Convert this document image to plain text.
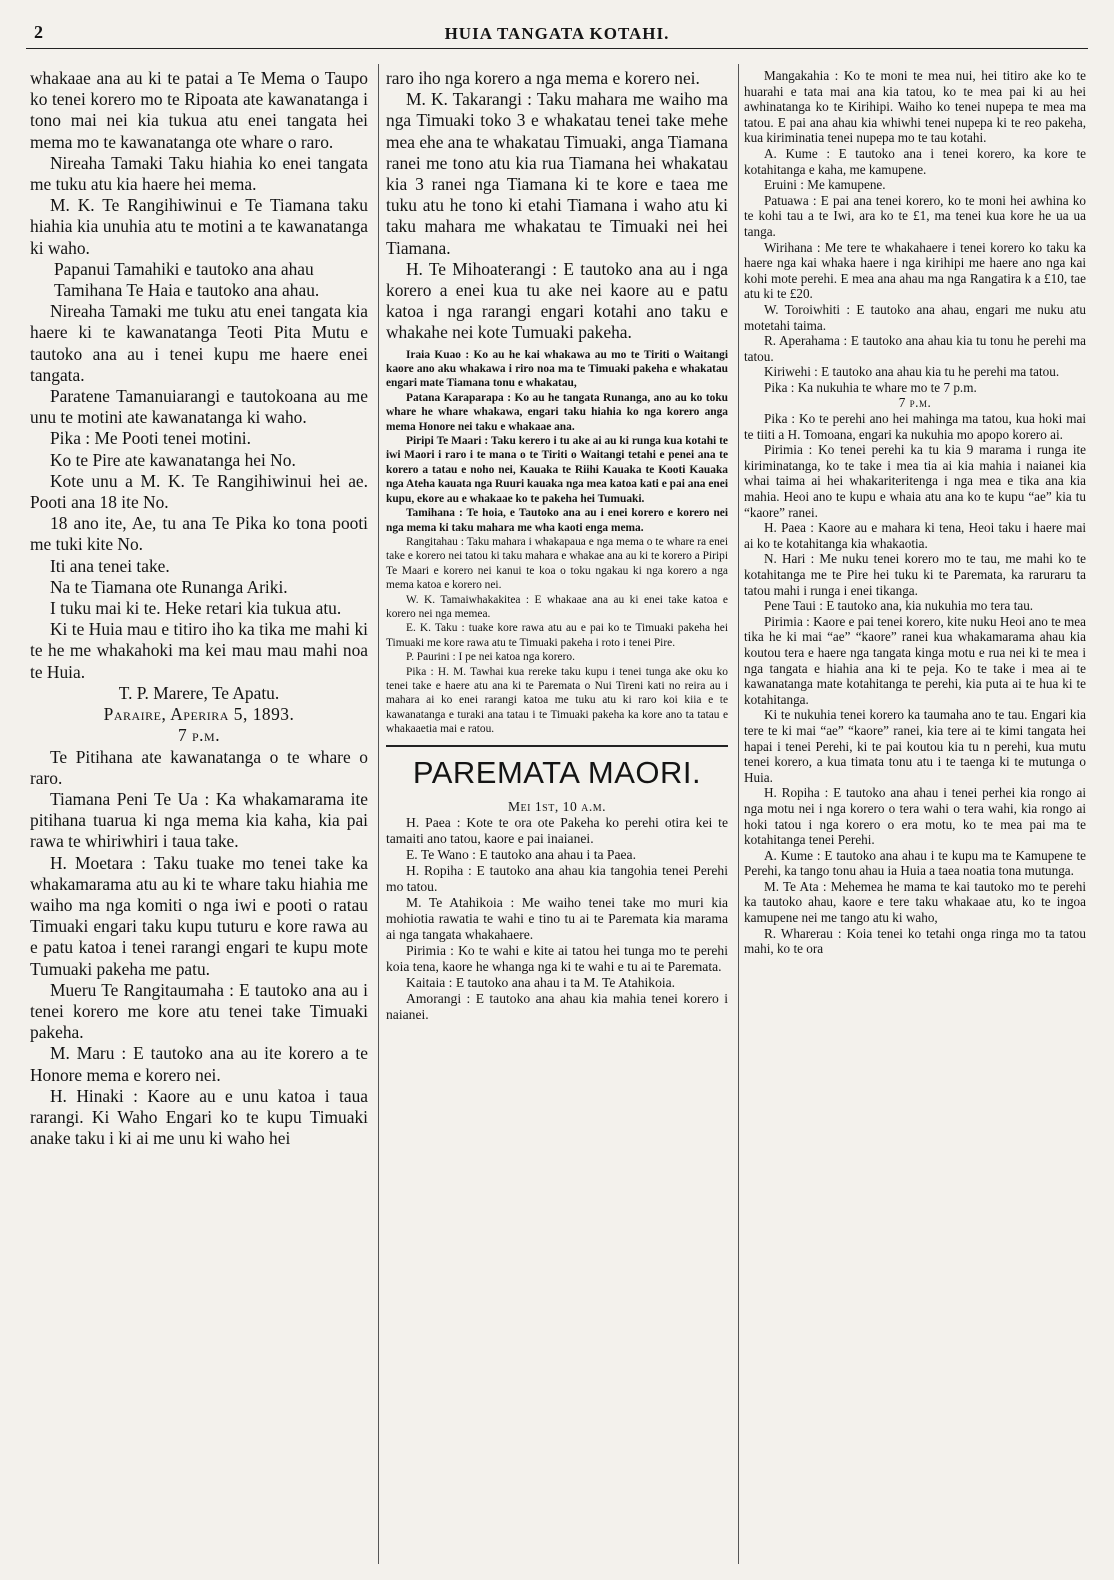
2	HUIA TANGATA KOTAHI.

whakaae ana au ki te patai a Te Mema o Taupo ko tenei korero mo te Ripoata ate kawanatanga i tono mai nei kia tukua atu enei tangata hei mema mo te kawanatanga ote whare o raro.

Nireaha Tamaki Taku hiahia ko enei tangata me tuku atu kia haere hei mema.

M. K. Te Rangihiwinui e Te Tiamana taku hiahia kia unuhia atu te motini a te kawanatanga ki waho.

Papanui Tamahiki e tautoko ana ahau

Tamihana Te Haia e tautoko ana ahau.

Nireaha Tamaki me tuku atu enei tangata kia haere ki te kawanatanga Teoti Pita Mutu e tautoko ana au i tenei kupu me haere enei tangata.

Paratene Tamanuiarangi e tautokoana au me unu te motini ate kawanatanga ki waho.

Pika : Me Pooti tenei motini.

Ko te Pire ate kawanatanga hei No.

Kote unu a M. K. Te Rangihiwinui hei ae. Pooti ana 18 ite No.

18 ano ite, Ae, tu ana Te Pika ko tona pooti me tuki kite No.

Iti ana tenei take.

Na te Tiamana ote Runanga Ariki.

I tuku mai ki te. Heke retari kia tukua atu.

Ki te Huia mau e titiro iho ka tika me mahi ki te he me whakahoki ma kei mau mau mahi noa te Huia.

T. P. Marere, Te Apatu.

Paraire, Aperira 5, 1893.

7 p.m.

Te Pitihana ate kawanatanga o te whare o raro.

Tiamana Peni Te Ua : Ka whakamarama ite pitihana tuarua ki nga mema kia kaha, kia pai rawa te whiriwhiri i taua take.

H. Moetara : Taku tuake mo tenei take ka whakamarama atu au ki te whare taku hiahia me waiho ma nga komiti o nga iwi e pooti o ratau Timuaki engari taku kupu tuturu e kore rawa au e patu katoa i tenei rarangi engari te kupu mote Tumuaki pakeha me patu.

Mueru Te Rangitaumaha : E tautoko ana au i tenei korero me kore atu tenei take Timuaki pakeha.

M. Maru : E tautoko ana au ite korero a te Honore mema e korero nei.

H. Hinaki : Kaore au e unu katoa i taua rarangi. Ki Waho Engari ko te kupu Timuaki anake taku i ki ai me unu ki waho hei

raro iho nga korero a nga mema e korero nei.

M. K. Takarangi : Taku mahara me waiho ma nga Timuaki toko 3 e whakatau tenei take mehe mea ehe ana te whakatau Timuaki, anga Tiamana ranei me tono atu kia rua Tiamana hei whakatau kia 3 ranei nga Tiamana ki te kore e taea me tuku atu he tono ki etahi Tiamana i waho atu ki taku mahara me whakatau te Timuaki nei hei Tiamana.

H. Te Mihoaterangi : E tautoko ana au i nga korero a enei kua tu ake nei kaore au e patu katoa i nga rarangi engari kotahi ano taku e whakahe nei kote Tumuaki pakeha.

Iraia Kuao : Ko au he kai whakawa au mo te Tiriti o Waitangi kaore ano aku whakawa i riro noa ma te Timuaki pakeha e whakatau engari mate Tiamana tonu e whakatau,

Patana Karaparapa : Ko au he tangata Runanga, ano au ko toku whare he whare whakawa, engari taku hiahia ko nga korero anga mema Honore nei taku e whakaae ana.

Piripi Te Maari : Taku kerero i tu ake ai au ki runga kua kotahi te iwi Maori i raro i te mana o te Tiriti o Waitangi tetahi e penei ana te korero a tatau e noho nei, Kauaka te Riihi Kauaka te Kooti Kauaka nga Ateha kauata nga Ruuri kauaka nga mea katoa kati e pai ana enei kupu, ekore au e whakaae ko te pakeha hei Tumuaki.

Tamihana : Te hoia, e Tautoko ana au i enei korero e korero nei nga mema ki taku mahara me wha kaoti enga mema.

Rangitahau : Taku mahara i whakapaua e nga mema o te whare ra enei take e korero nei tatou ki taku mahara e whakae ana au ki te korero a Piripi Te Maari e korero nei kanui te koa o toku ngakau ki nga korero a nga mema katoa e korero nei.

W. K. Tamaiwhakakitea : E whakaae ana au ki enei take katoa e korero nei nga memea.

E. K. Taku : tuake kore rawa atu au e pai ko te Timuaki pakeha hei Timuaki me kore rawa atu te Timuaki pakeha i roto i tenei Pire.

P. Paurini : I pe nei katoa nga korero.

Pika : H. M. Tawhai kua rereke taku kupu i tenei tunga ake oku ko tenei take e haere atu ana ki te Paremata o Nui Tireni kati no reira au i mahara ai ko enei rarangi katoa me tuku atu ki raro koi kiia e te kawanatanga e turaki ana tatau i te Timuaki pakeha ka kore ano ta tatau e whakaaetia mai e ratou.

PAREMATA MAORI.

Mei 1st, 10 a.m.

H. Paea : Kote te ora ote Pakeha ko perehi otira kei te tamaiti ano tatou, kaore e pai inaianei.

E. Te Wano : E tautoko ana ahau i ta Paea.

H. Ropiha : E tautoko ana ahau kia tangohia tenei Perehi mo tatou.

M. Te Atahikoia : Me waiho tenei take mo muri kia mohiotia rawatia te wahi e tino tu ai te Paremata kia marama ai nga tangata whakahaere.

Pirimia : Ko te wahi e kite ai tatou hei tunga mo te perehi koia tena, kaore he whanga nga ki te wahi e tu ai te Paremata.

Kaitaia : E tautoko ana ahau i ta M. Te Atahikoia.

Amorangi : E tautoko ana ahau kia mahia tenei korero i naianei.

Mangakahia : Ko te moni te mea nui, hei titiro ake ko te huarahi e tata mai ana kia tatou, ko te mea pai ki au hei awhinatanga ko te Kirihipi. Waiho ko tenei nupepa te mea ma tatou. E pai ana ahau kia whiwhi tenei nupepa ki te reo pakeha, kua kiriminatia tenei nupepa mo te tau kotahi.

A. Kume : E tautoko ana i tenei korero, ka kore te kotahitanga e kaha, me kamupene.

Eruini : Me kamupene.

Patuawa : E pai ana tenei korero, ko te moni hei awhina ko te kohi tau a te Iwi, ara ko te £1, ma tenei kua kore he ua ua tanga.

Wirihana : Me tere te whakahaere i tenei korero ko taku ka haere nga kai whaka haere i nga kirihipi me haere ano nga kai kohi mote perehi. E mea ana ahau ma nga Rangatira k a £10, tae atu ki te £20.

W. Toroiwhiti : E tautoko ana ahau, engari me nuku atu motetahi taima.

R. Aperahama : E tautoko ana ahau kia tu tonu he perehi ma tatou.

Kiriwehi : E tautoko ana ahau kia tu he perehi ma tatou.

Pika : Ka nukuhia te whare mo te 7 p.m.

7 p.m.

Pika : Ko te perehi ano hei mahinga ma tatou, kua hoki mai te tiiti a H. Tomoana, engari ka nukuhia mo apopo korero ai.

Pirimia : Ko tenei perehi ka tu kia 9 marama i runga ite kiriminatanga, ko te take i mea tia ai kia mahia i naianei kia whai taima ai hei whakariteritenga i nga mea e tika ana kia mahia. Heoi ano te kupu e whaia atu ana ko te kupu “ae” kia tu “kaore” ranei.

H. Paea : Kaore au e mahara ki tena, Heoi taku i haere mai ai ko te kotahitanga kia whakaotia.

N. Hari : Me nuku tenei korero mo te tau, me mahi ko te kotahitanga me te Pire hei tuku ki te Paremata, ka raruraru ta tatou mahi i runga i enei tikanga.

Pene Taui : E tautoko ana, kia nukuhia mo tera tau.

Pirimia : Kaore e pai tenei korero, kite nuku Heoi ano te mea tika he ki mai “ae” “kaore” ranei kua whakamarama ahau kia koutou tera e haere nga tangata kinga motu e rua nei ki te mea i nga tangata e hiahia ana ki te peja. Ko te take i mea ai te kawanatanga mate kotahitanga te perehi, kia puta ai te hua ki te kotahitanga.

Ki te nukuhia tenei korero ka taumaha ano te tau. Engari kia tere te ki mai “ae” “kaore” ranei, kia tere ai te kimi tangata hei hapai i tenei Perehi, ki te pai koutou kia tu n perehi, kua mutu tenei korero, a kua timata tonu atu i te taenga ki te mutunga o Huia.

H. Ropiha : E tautoko ana ahau i tenei perhei kia rongo ai nga motu nei i nga korero o tera wahi o tera wahi, kia rongo ai hoki tatou i nga korero o era motu, ko te mea pai ma te kotahitanga tenei Perehi.

A. Kume : E tautoko ana ahau i te kupu ma te Kamupene te Perehi, ka tango tonu ahau ia Huia a taea noatia tona mutunga.

M. Te Ata : Mehemea he mama te kai tautoko mo te perehi ka tautoko ahau, kaore e tere taku whakaae atu, ko te ingoa kamupene nei me tango atu ki waho,

R. Wharerau : Koia tenei ko tetahi onga ringa mo ta tatou mahi, ko te ora
